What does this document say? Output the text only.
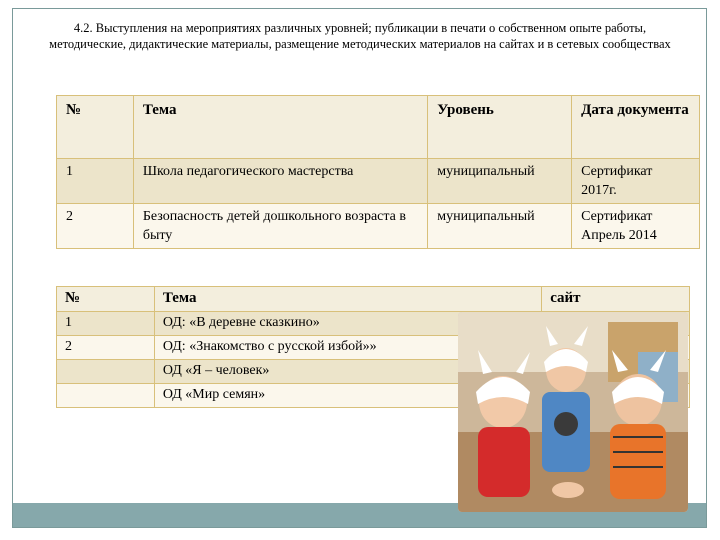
4.2. Выступления на мероприятиях различных уровней; публикации в печати о собственном опыте работы, методические, дидактические материалы, размещение методических материалов на сайтах и в сетевых сообществах
№	Тема	Уровень	Дата документа
1	Школа педагогического мастерства	муниципальный	Сертификат 2017г.
2	Безопасность детей дошкольного возраста в быту	муниципальный	Сертификат Апрель 2014
№	Тема	сайт
1	ОД: «В деревне сказкино»	
2	ОД: «Знакомство с русской избой»»	
	ОД «Я – человек»	
	ОД «Мир семян»	
